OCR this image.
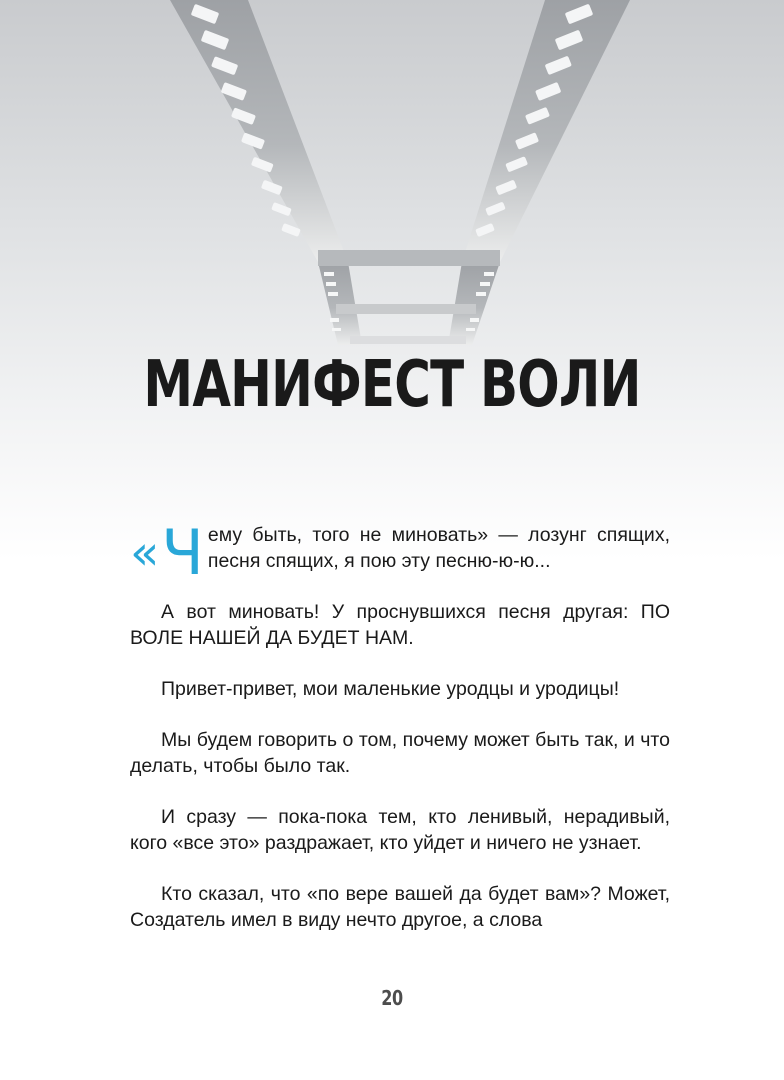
МАНИФЕСТ ВОЛИ

« Ч ему быть, того не миновать» — лозунг спящих, песня спящих, я пою эту песню-ю-ю...

А вот миновать! У проснувшихся песня другая: ПО ВОЛЕ НАШЕЙ ДА БУДЕТ НАМ.

Привет-привет, мои маленькие уродцы и уродицы!

Мы будем говорить о том, почему может быть так, и что делать, чтобы было так.

И сразу — пока-пока тем, кто ленивый, нерадивый, кого «все это» раздражает, кто уйдет и ничего не узнает.

Кто сказал, что «по вере вашей да будет вам»? Может, Создатель имел в виду нечто другое, а слова

20
